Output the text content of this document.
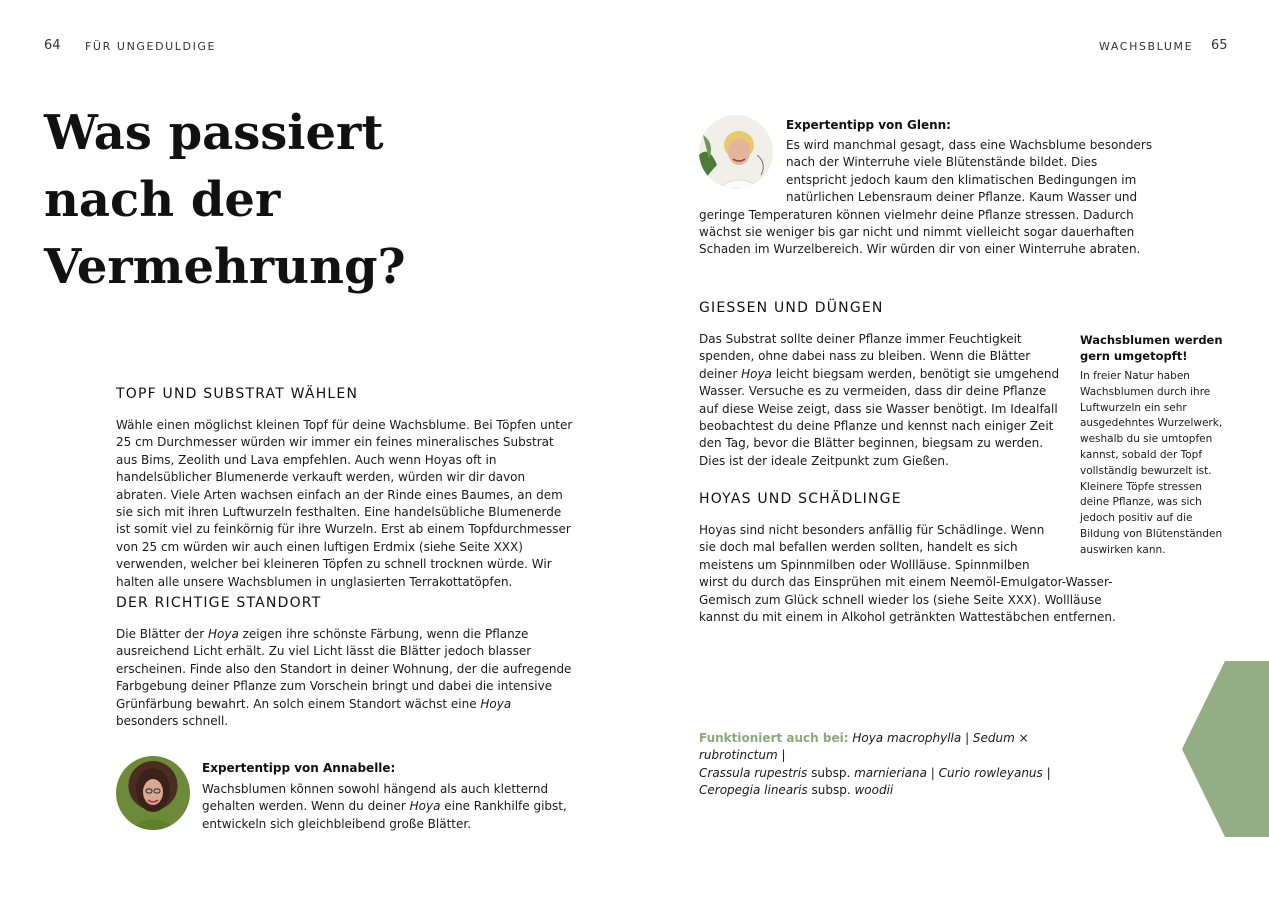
64 FÜR UNGEDULDIGE	WACHSBLUME 65
Was passiert nach der Vermehrung?
TOPF UND SUBSTRAT WÄHLEN

Wähle einen möglichst kleinen Topf für deine Wachsblume. Bei Töpfen unter 25 cm Durchmesser würden wir immer ein feines mineralisches Substrat aus Bims, Zeolith und Lava empfehlen. Auch wenn Hoyas oft in handelsüblicher Blumenerde verkauft werden, würden wir dir davon abraten. Viele Arten wachsen einfach an der Rinde eines Baumes, an dem sie sich mit ihren Luftwurzeln festhalten. Eine handelsübliche Blumenerde ist somit viel zu feinkörnig für ihre Wurzeln. Erst ab einem Topfdurchmesser von 25 cm würden wir auch einen luftigen Erdmix (siehe Seite XXX) verwenden, welcher bei kleineren Töpfen zu schnell trocknen würde. Wir halten alle unsere Wachsblumen in unglasierten Terrakottatöpfen.

DER RICHTIGE STANDORT

Die Blätter der Hoya zeigen ihre schönste Färbung, wenn die Pflanze ausreichend Licht erhält. Zu viel Licht lässt die Blätter jedoch blasser erscheinen. Finde also den Standort in deiner Wohnung, der die aufregende Farbgebung deiner Pflanze zum Vorschein bringt und dabei die intensive Grünfärbung bewahrt. An solch einem Standort wächst eine Hoya besonders schnell.

Expertentipp von Annabelle:

Wachsblumen können sowohl hängend als auch kletternd gehalten werden. Wenn du deiner Hoya eine Rankhilfe gibst, entwickeln sich gleichbleibend große Blätter.

Expertentipp von Glenn:

Es wird manchmal gesagt, dass eine Wachsblume besonders nach der Winterruhe viele Blütenstände bildet. Dies entspricht jedoch kaum den klimatischen Bedingungen im natürlichen Lebensraum deiner Pflanze. Kaum Wasser und geringe Temperaturen können vielmehr deine Pflanze stressen. Dadurch wächst sie weniger bis gar nicht und nimmt vielleicht sogar dauerhaften Schaden im Wurzelbereich. Wir würden dir von einer Winterruhe abraten.

GIESSEN UND DÜNGEN

Das Substrat sollte deiner Pflanze immer Feuchtigkeit spenden, ohne dabei nass zu bleiben. Wenn die Blätter deiner Hoya leicht biegsam werden, benötigt sie umgehend Wasser. Versuche es zu vermeiden, dass dir deine Pflanze auf diese Weise zeigt, dass sie Wasser benötigt. Im Idealfall beobachtest du deine Pflanze und kennst nach einiger Zeit den Tag, bevor die Blätter beginnen, biegsam zu werden. Dies ist der ideale Zeitpunkt zum Gießen.

HOYAS UND SCHÄDLINGE

Hoyas sind nicht besonders anfällig für Schädlinge. Wenn sie doch mal befallen werden sollten, handelt es sich meistens um Spinnmilben oder Wollläuse. Spinnmilben wirst du durch das Einsprühen mit einem Neemöl-Emulgator-Wasser-Gemisch zum Glück schnell wieder los (siehe Seite XXX). Wollläuse kannst du mit einem in Alkohol getränkten Wattestäbchen entfernen.

Wachsblumen werden gern umgetopft!

In freier Natur haben Wachsblumen durch ihre Luftwurzeln ein sehr ausgedehntes Wurzelwerk, weshalb du sie umtopfen kannst, sobald der Topf vollständig bewurzelt ist. Kleinere Töpfe stressen deine Pflanze, was sich jedoch positiv auf die Bildung von Blütenständen auswirken kann.

Funktioniert auch bei: Hoya macrophylla | Sedum × rubrotinctum |
Crassula rupestris subsp. marnieriana | Curio rowleyanus |
Ceropegia linearis subsp. woodii
